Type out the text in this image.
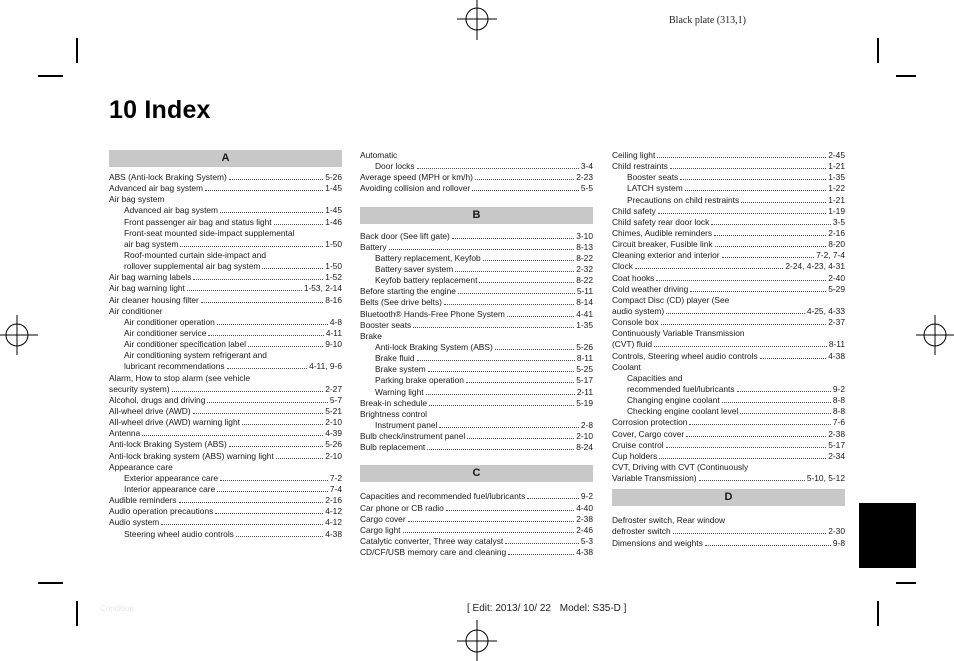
Black plate (313,1)
10 Index
A
ABS (Anti-lock Braking System)	5-26
Advanced air bag system	1-45
Air bag system
Advanced air bag system	1-45
Front passenger air bag and status light	1-46
Front-seat mounted side-impact supplemental
air bag system	1-50
Roof-mounted curtain side-impact and
rollover supplemental air bag system	1-50
Air bag warning labels	1-52
Air bag warning light	1-53, 2-14
Air cleaner housing filter	8-16
Air conditioner
Air conditioner operation	4-8
Air conditioner service	4-11
Air conditioner specification label	9-10
Air conditioning system refrigerant and
lubricant recommendations	4-11, 9-6
Alarm, How to stop alarm (see vehicle
security system)	2-27
Alcohol, drugs and driving	5-7
All-wheel drive (AWD)	5-21
All-wheel drive (AWD) warning light	2-10
Antenna	4-39
Anti-lock Braking System (ABS)	5-26
Anti-lock braking system (ABS) warning light	2-10
Appearance care
Exterior appearance care	7-2
Interior appearance care	7-4
Audible reminders	2-16
Audio operation precautions	4-12
Audio system	4-12
Steering wheel audio controls	4-38
Automatic
Door locks	3-4
Average speed (MPH or km/h)	2-23
Avoiding collision and rollover	5-5
B
Back door (See lift gate)	3-10
Battery	8-13
Battery replacement, Keyfob	8-22
Battery saver system	2-32
Keyfob battery replacement	8-22
Before starting the engine	5-11
Belts (See drive belts)	8-14
Bluetooth® Hands-Free Phone System	4-41
Booster seats	1-35
Brake
Anti-lock Braking System (ABS)	5-26
Brake fluid	8-11
Brake system	5-25
Parking brake operation	5-17
Warning light	2-11
Break-in schedule	5-19
Brightness control
Instrument panel	2-8
Bulb check/instrument panel	2-10
Bulb replacement	8-24
C
Capacities and recommended fuel/lubricants	9-2
Car phone or CB radio	4-40
Cargo cover	2-38
Cargo light	2-46
Catalytic converter, Three way catalyst	5-3
CD/CF/USB memory care and cleaning	4-38
Ceiling light	2-45
Child restraints	1-21
Booster seats	1-35
LATCH system	1-22
Precautions on child restraints	1-21
Child safety	1-19
Child safety rear door lock	3-5
Chimes, Audible reminders	2-16
Circuit breaker, Fusible link	8-20
Cleaning exterior and interior	7-2, 7-4
Clock	2-24, 4-23, 4-31
Coat hooks	2-40
Cold weather driving	5-29
Compact Disc (CD) player (See
audio system)	4-25, 4-33
Console box	2-37
Continuously Variable Transmission
(CVT) fluid	8-11
Controls, Steering wheel audio controls	4-38
Coolant
Capacities and
recommended fuel/lubricants	9-2
Changing engine coolant	8-8
Checking engine coolant level	8-8
Corrosion protection	7-6
Cover, Cargo cover	2-38
Cruise control	5-17
Cup holders	2-34
CVT, Driving with CVT (Continuously
Variable Transmission)	5-10, 5-12
D
Defroster switch, Rear window
defroster switch	2-30
Dimensions and weights	9-8
Condition:	[ Edit: 2013/ 10/ 22 Model: S35-D ]
